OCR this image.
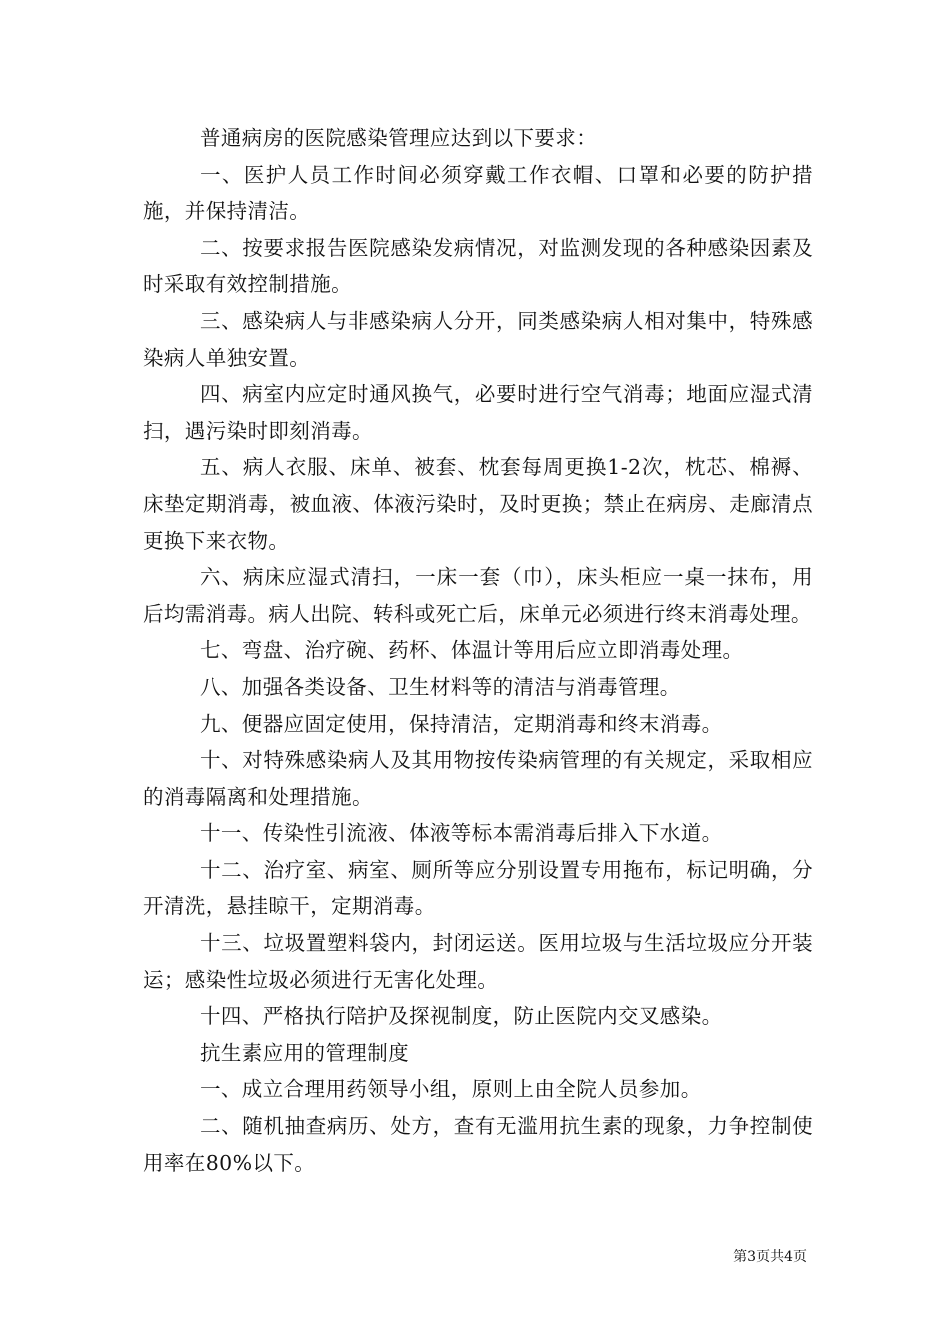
普通病房的医院感染管理应达到以下要求：

一、医护人员工作时间必须穿戴工作衣帽、口罩和必要的防护措施，并保持清洁。

二、按要求报告医院感染发病情况，对监测发现的各种感染因素及时采取有效控制措施。

三、感染病人与非感染病人分开，同类感染病人相对集中，特殊感染病人单独安置。

四、病室内应定时通风换气，必要时进行空气消毒；地面应湿式清扫，遇污染时即刻消毒。

五、病人衣服、床单、被套、枕套每周更换1-2次，枕芯、棉褥、床垫定期消毒，被血液、体液污染时，及时更换；禁止在病房、走廊清点更换下来衣物。

六、病床应湿式清扫，一床一套（巾），床头柜应一桌一抹布，用后均需消毒。病人出院、转科或死亡后，床单元必须进行终末消毒处理。

七、弯盘、治疗碗、药杯、体温计等用后应立即消毒处理。

八、加强各类设备、卫生材料等的清洁与消毒管理。

九、便器应固定使用，保持清洁，定期消毒和终末消毒。

十、对特殊感染病人及其用物按传染病管理的有关规定，采取相应的消毒隔离和处理措施。

十一、传染性引流液、体液等标本需消毒后排入下水道。

十二、治疗室、病室、厕所等应分别设置专用拖布，标记明确，分开清洗，悬挂晾干，定期消毒。

十三、垃圾置塑料袋内，封闭运送。医用垃圾与生活垃圾应分开装运；感染性垃圾必须进行无害化处理。

十四、严格执行陪护及探视制度，防止医院内交叉感染。

抗生素应用的管理制度

一、成立合理用药领导小组，原则上由全院人员参加。

二、随机抽查病历、处方，查有无滥用抗生素的现象，力争控制使用率在80%以下。

第3页共4页
